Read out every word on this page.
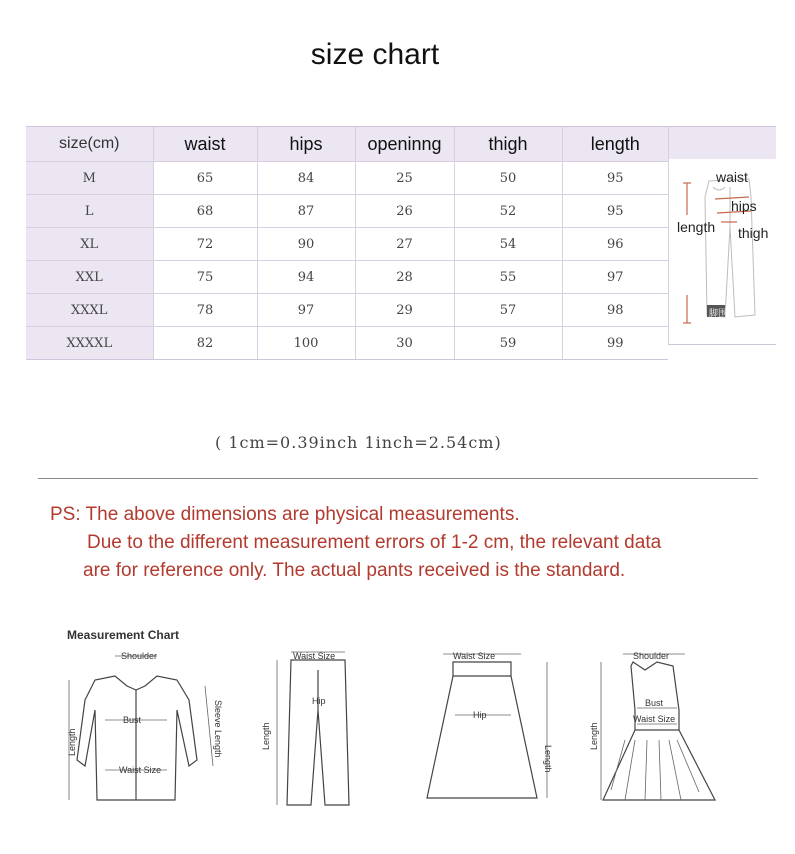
size chart
size(cm)	waist	hips	openinng	thigh	length
M	65	84	25	50	95
L	68	87	26	52	95
XL	72	90	27	54	96
XXL	75	94	28	55	97
XXXL	78	97	29	57	98
XXXXL	82	100	30	59	99
waist
hips
length thigh
脚围
( 1cm=0.39inch 1inch=2.54cm)
PS: The above dimensions are physical measurements.
Due to the different measurement errors of 1-2 cm, the relevant data
are for reference only. The actual pants received is the standard.
Measurement Chart
Shoulder
Bust
Waist Size
Length	Sleeve Length
Waist Size
Hip
Length
Waist Size
Hip
Length
Shoulder
Bust
Waist Size
Length
